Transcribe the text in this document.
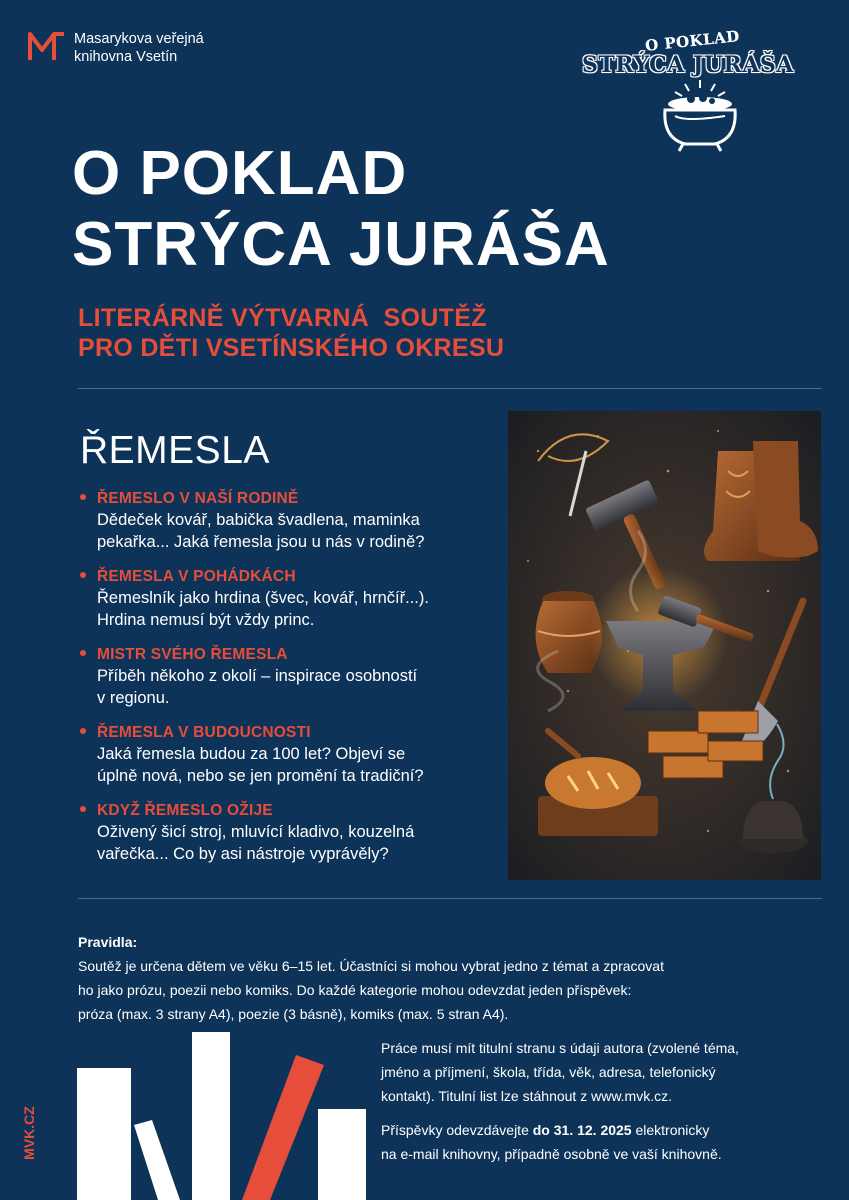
Masarykova veřejná
knihovna Vsetín
O POKLAD
STRÝCA JURÁŠA
O POKLAD
STRÝCA JURÁŠA
LITERÁRNĚ VÝTVARNÁ  SOUTĚŽ
PRO DĚTI VSETÍNSKÉHO OKRESU
ŘEMESLA
ŘEMESLO V NAŠÍ RODINĚ
Dědeček kovář, babička švadlena, maminka
pekařka... Jaká řemesla jsou u nás v rodině?
ŘEMESLA V POHÁDKÁCH
Řemeslník jako hrdina (švec, kovář, hrnčíř...).
Hrdina nemusí být vždy princ.
MISTR SVÉHO ŘEMESLA
Příběh někoho z okolí – inspirace osobností
v regionu.
ŘEMESLA V BUDOUCNOSTI
Jaká řemesla budou za 100 let? Objeví se
úplně nová, nebo se jen promění ta tradiční?
KDYŽ ŘEMESLO OŽIJE
Oživený šicí stroj, mluvící kladivo, kouzelná
vařečka... Co by asi nástroje vyprávěly?
Pravidla:
Soutěž je určena dětem ve věku 6–15 let. Účastníci si mohou vybrat jedno z témat a zpracovat
ho jako prózu, poezii nebo komiks. Do každé kategorie mohou odevzdat jeden příspěvek:
próza (max. 3 strany A4), poezie (3 básně), komiks (max. 5 stran A4).

Práce musí mít titulní stranu s údaji autora (zvolené téma,
jméno a příjmení, škola, třída, věk, adresa, telefonický
kontakt). Titulní list lze stáhnout z www.mvk.cz.

Příspěvky odevzdávejte do 31. 12. 2025 elektronicky
na e-mail knihovny, případně osobně ve vaší knihovně.

MVK.CZ
